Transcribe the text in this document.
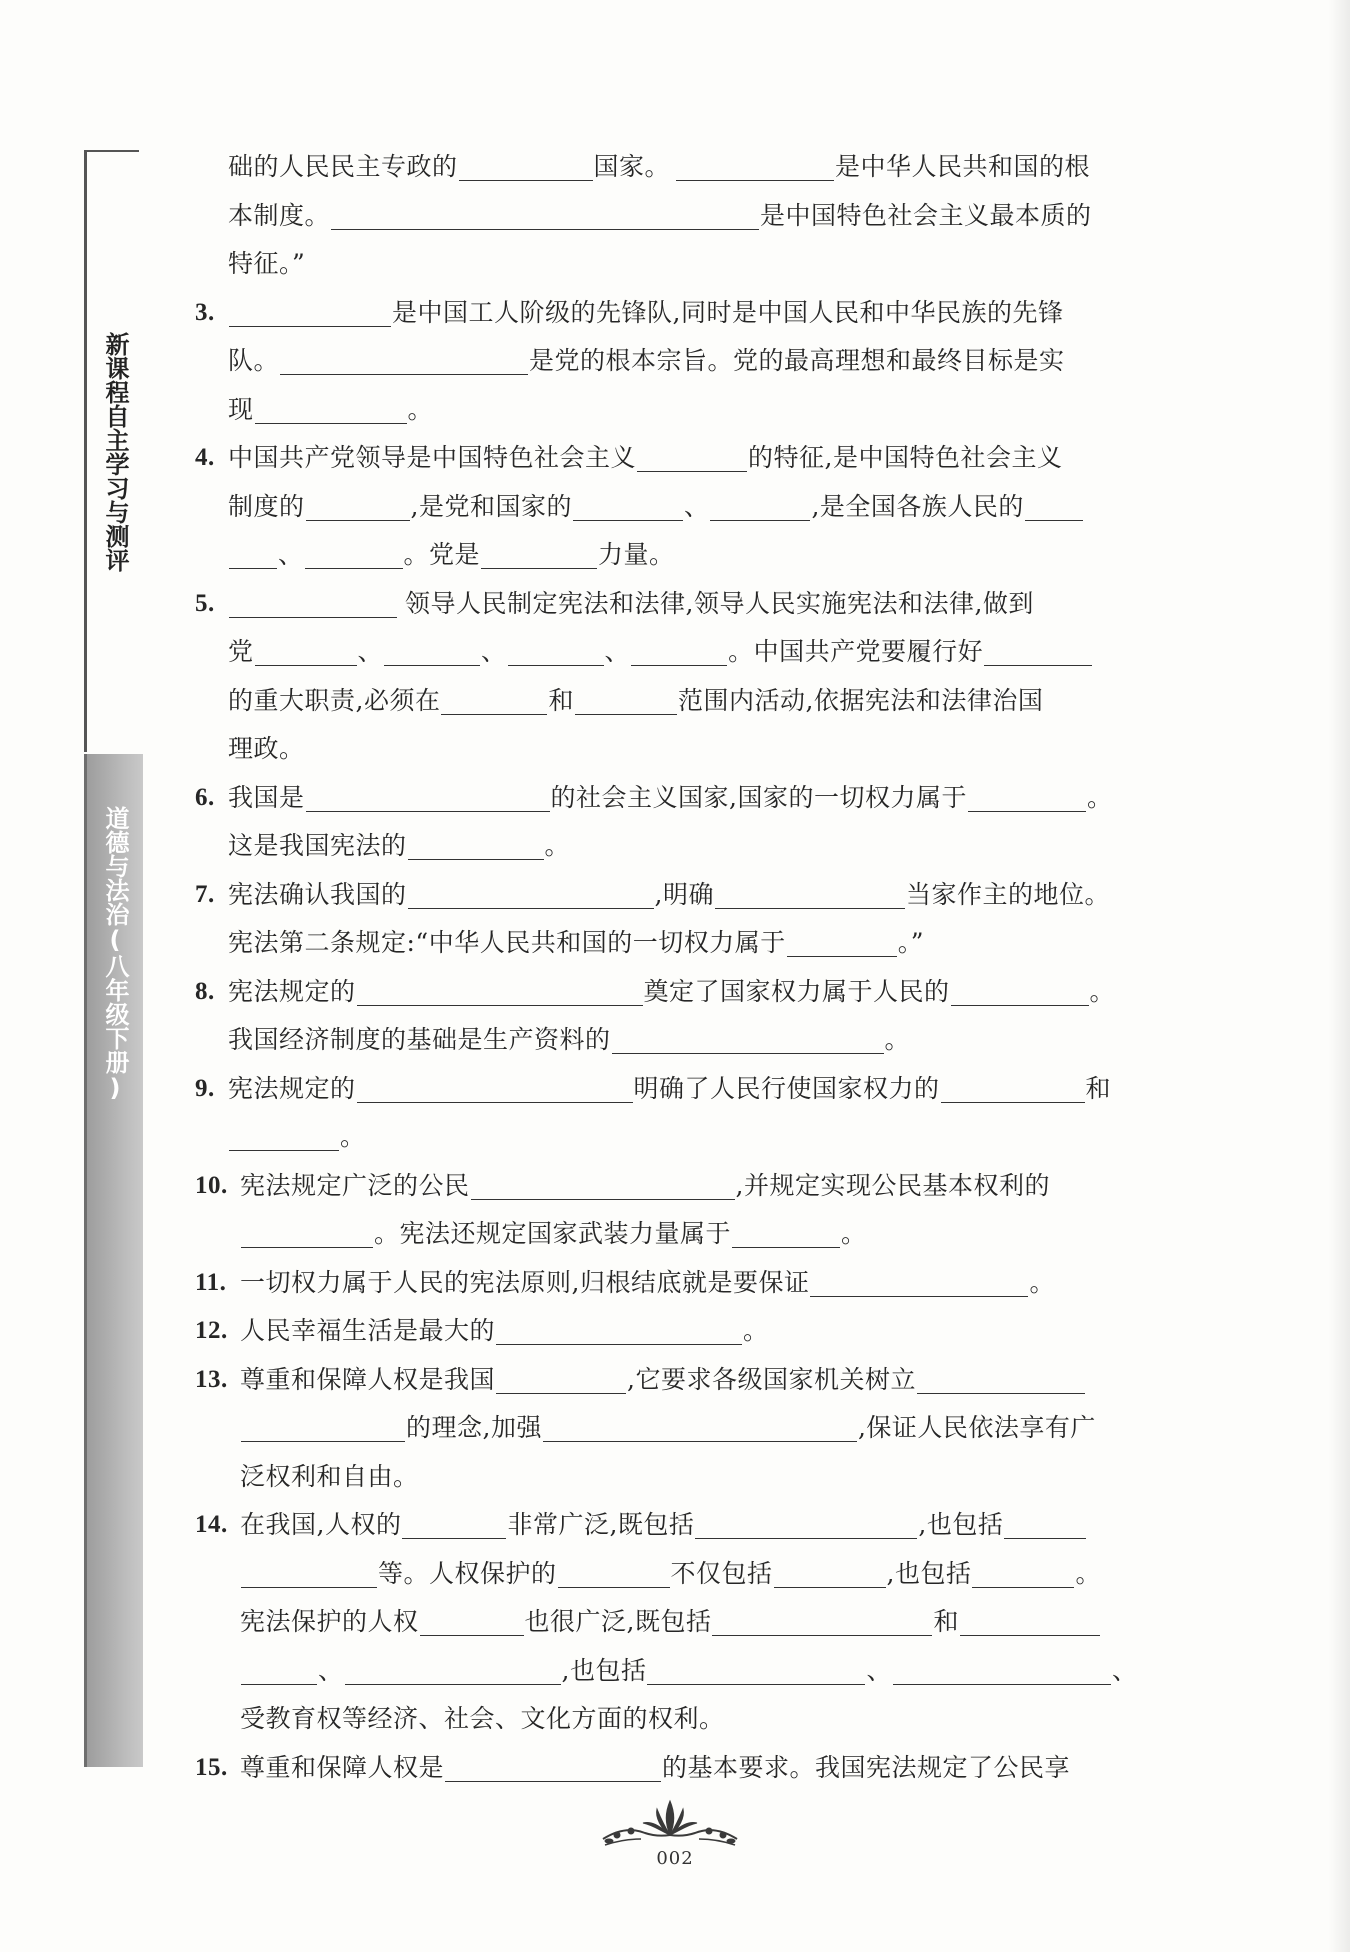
新课程自主学习与测评
道德与法治(八年级下册)
础的人民民主专政的	国家。	是中华人民共和国的根
本制度。	是中国特色社会主义最本质的
特征。”
3.	是中国工人阶级的先锋队,同时是中国人民和中华民族的先锋
队。	是党的根本宗旨。党的最高理想和最终目标是实
现	。
4. 中国共产党领导是中国特色社会主义	的特征,是中国特色社会主义
制度的	,是党和国家的	、	,是全国各族人民的
、	。党是	力量。
5.	领导人民制定宪法和法律,领导人民实施宪法和法律,做到
党	、	、	、	。中国共产党要履行好
的重大职责,必须在	和	范围内活动,依据宪法和法律治国
理政。
6. 我国是	的社会主义国家,国家的一切权力属于	。
这是我国宪法的	。
7. 宪法确认我国的	,明确	当家作主的地位。
宪法第二条规定:“中华人民共和国的一切权力属于	。”
8. 宪法规定的	奠定了国家权力属于人民的	。
我国经济制度的基础是生产资料的	。
9. 宪法规定的	明确了人民行使国家权力的	和
。
10. 宪法规定广泛的公民	,并规定实现公民基本权利的
。宪法还规定国家武装力量属于	。
11. 一切权力属于人民的宪法原则,归根结底就是要保证	。
12. 人民幸福生活是最大的	。
13. 尊重和保障人权是我国	,它要求各级国家机关树立
的理念,加强	,保证人民依法享有广
泛权利和自由。
14. 在我国,人权的	非常广泛,既包括	,也包括
等。人权保护的	不仅包括	,也包括	。
宪法保护的人权	也很广泛,既包括	和
、	,也包括	、	、
受教育权等经济、社会、文化方面的权利。
15. 尊重和保障人权是	的基本要求。我国宪法规定了公民享
002
